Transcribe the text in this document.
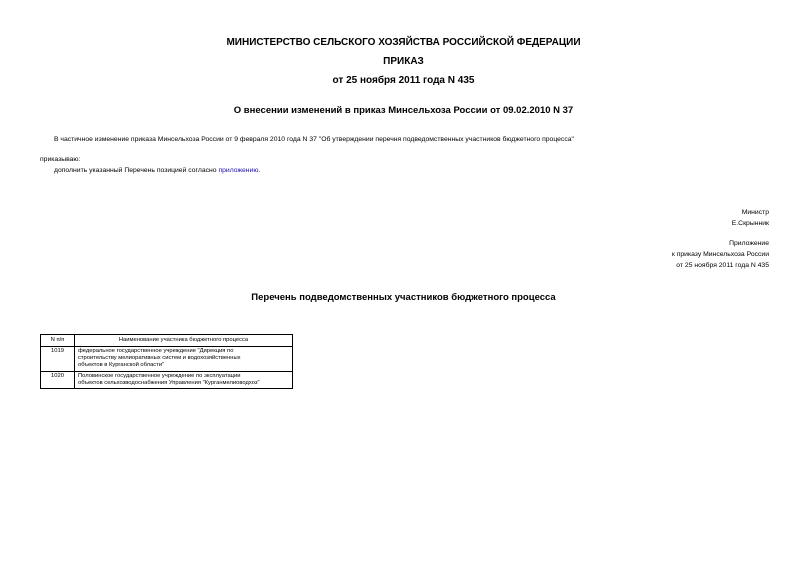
МИНИСТЕРСТВО СЕЛЬСКОГО ХОЗЯЙСТВА РОССИЙСКОЙ ФЕДЕРАЦИИ
ПРИКАЗ
от 25 ноября 2011 года N 435
О внесении изменений в приказ Минсельхоза России от 09.02.2010 N 37
В частичное изменение приказа Минсельхоза России от 9 февраля 2010 года N 37 "Об утверждении перечня подведомственных участников бюджетного процесса"
приказываю:
дополнить указанный Перечень позицией согласно приложению.
Министр
Е.Скрынник
Приложение
к приказу Минсельхоза России
от 25 ноября 2011 года N 435
Перечень подведомственных участников бюджетного процесса
N п/п	Наименование участника бюджетного процесса
1019	федеральное государственное учреждение "Дирекция по
строительству мелиоративных систем и водохозяйственных
объектов в Курганской области"

1020	Половинское государственное учреждение по эксплуатации
объектов сельхозводоснабжения Управления "Курганмелиоводхоз"
